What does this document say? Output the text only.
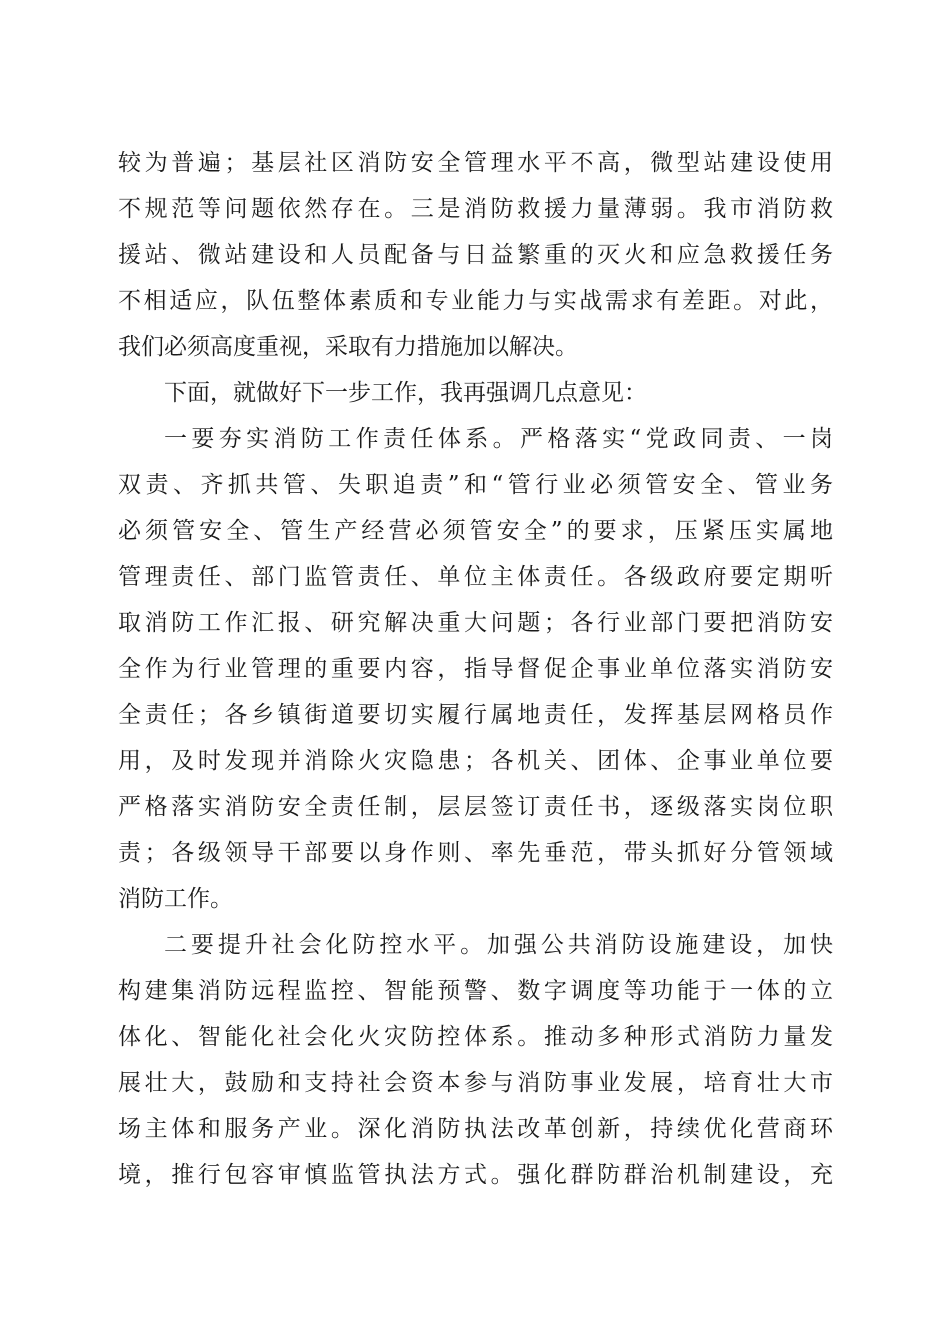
较为普遍；基层社区消防安全管理水平不高，微型站建设使用
不规范等问题依然存在。三是消防救援力量薄弱。我市消防救
援站、微站建设和人员配备与日益繁重的灭火和应急救援任务
不相适应，队伍整体素质和专业能力与实战需求有差距。对此，
我们必须高度重视，采取有力措施加以解决。
下面，就做好下一步工作，我再强调几点意见：
一要夯实消防工作责任体系。严格落实“党政同责、一岗
双责、齐抓共管、失职追责”和“管行业必须管安全、管业务
必须管安全、管生产经营必须管安全”的要求，压紧压实属地
管理责任、部门监管责任、单位主体责任。各级政府要定期听
取消防工作汇报、研究解决重大问题；各行业部门要把消防安
全作为行业管理的重要内容，指导督促企事业单位落实消防安
全责任；各乡镇街道要切实履行属地责任，发挥基层网格员作
用，及时发现并消除火灾隐患；各机关、团体、企事业单位要
严格落实消防安全责任制，层层签订责任书，逐级落实岗位职
责；各级领导干部要以身作则、率先垂范，带头抓好分管领域
消防工作。
二要提升社会化防控水平。加强公共消防设施建设，加快
构建集消防远程监控、智能预警、数字调度等功能于一体的立
体化、智能化社会化火灾防控体系。推动多种形式消防力量发
展壮大，鼓励和支持社会资本参与消防事业发展，培育壮大市
场主体和服务产业。深化消防执法改革创新，持续优化营商环
境，推行包容审慎监管执法方式。强化群防群治机制建设，充
